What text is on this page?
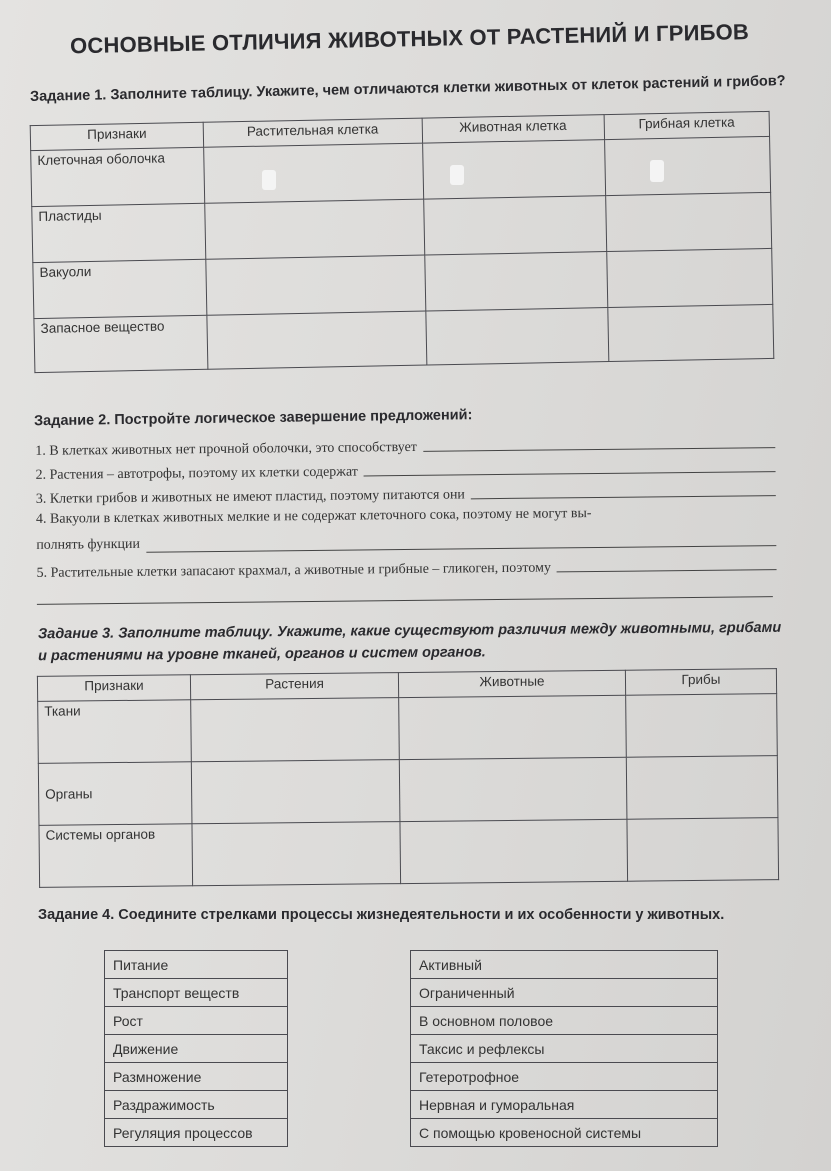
ОСНОВНЫЕ ОТЛИЧИЯ ЖИВОТНЫХ ОТ РАСТЕНИЙ И ГРИБОВ
Задание 1. Заполните таблицу. Укажите, чем отличаются клетки животных от клеток растений и грибов?
Признаки	Растительная клетка	Животная клетка	Грибная клетка
Клеточная оболочка			
Пластиды			
Вакуоли			
Запасное вещество			
Задание 2. Постройте логическое завершение предложений:
1. В клетках животных нет прочной оболочки, это способствует
2. Растения – автотрофы, поэтому их клетки содержат
3. Клетки грибов и животных не имеют пластид, поэтому питаются они
4. Вакуоли в клетках животных мелкие и не содержат клеточного сока, поэтому не могут вы-
полнять функции
5. Растительные клетки запасают крахмал, а животные и грибные – гликоген, поэтому
Задание 3. Заполните таблицу. Укажите, какие существуют различия между животными, грибами и растениями на уровне тканей, органов и систем органов.
Признаки	Растения	Животные	Грибы
Ткани			
Органы			
Системы органов			
Задание 4. Соедините стрелками процессы жизнедеятельности и их особенности у животных.
Питание
Транспорт веществ
Рост
Движение
Размножение
Раздражимость
Регуляция процессов
Активный
Ограниченный
В основном половое
Таксис и рефлексы
Гетеротрофное
Нервная и гуморальная
С помощью кровеносной системы
